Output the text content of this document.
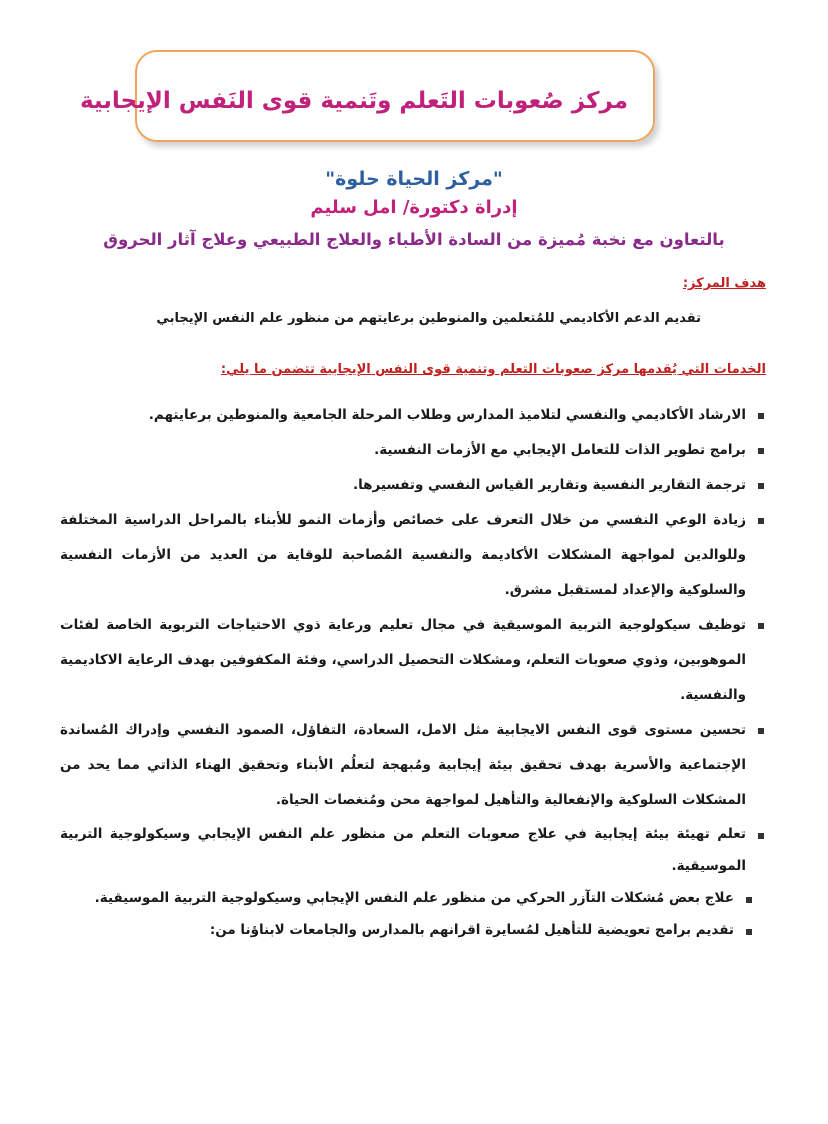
مركز صُعوبات التَعلم وتَنمية قوى النَفس الإيجابية
"مركز الحياة حلوة"
إدراة دكتورة/ امل سليم
بالتعاون مع نخبة مُميزة من السادة الأطباء والعلاج الطبيعي وعلاج آثار الحروق
هدف المركز:
تقديم الدعم الأكاديمي للمُتعلمين والمنوطين برعايتهم من منظور علم النفس الإيجابي
الخدمات التي يُقدمها مركز صعوبات التعلم وتنمية قوى النفس الإيجابية تتضمن ما يلي:
الارشاد الأكاديمي والنفسي لتلاميذ المدارس وطلاب المرحلة الجامعية والمنوطين برعايتهم.
برامج تطوير الذات للتعامل الإيجابي مع الأزمات النفسية.
ترجمة التقارير النفسية وتقارير القياس النفسي وتفسيرها.
زيادة الوعي النفسي من خلال التعرف على خصائص وأزمات النمو للأبناء بالمراحل الدراسية المختلفة وللوالدين لمواجهة المشكلات الأكاديمة والنفسية المُصاحبة للوقاية من العديد من الأزمات النفسية والسلوكية والإعداد لمستقبل مشرق.
توظيف سيكولوجية التربية الموسيقية في مجال تعليم ورعاية ذوي الاحتياجات التربوية الخاصة لفئات الموهوبين، وذوي صعوبات التعلم، ومشكلات التحصيل الدراسي، وفئة المكفوفين بهدف الرعاية الاكاديمية والنفسية.
تحسين مستوى قوى النفس الايجابية مثل الامل، السعادة، التفاؤل، الصمود النفسي وإدراك المُساندة الإجتماعية والأسرية بهدف تحقيق بيئة إيجابية ومُبهجة لتعلُم الأبناء وتحقيق الهناء الذاتي مما يحد من المشكلات السلوكية والإنفعالية والتأهيل لمواجهة محن ومُنغصات الحياة.
تعلم تهيئة بيئة إيجابية في علاج صعوبات التعلم من منظور علم النفس الإيجابي وسيكولوجية التربية الموسيقية.
علاج بعض مُشكلات التآزر الحركي من منظور علم النفس الإيجابي وسيكولوجية التربية الموسيقية.
تقديم برامج تعويضية للتأهيل لمُسايرة اقرانهم بالمدارس والجامعات لابناؤنا من:
